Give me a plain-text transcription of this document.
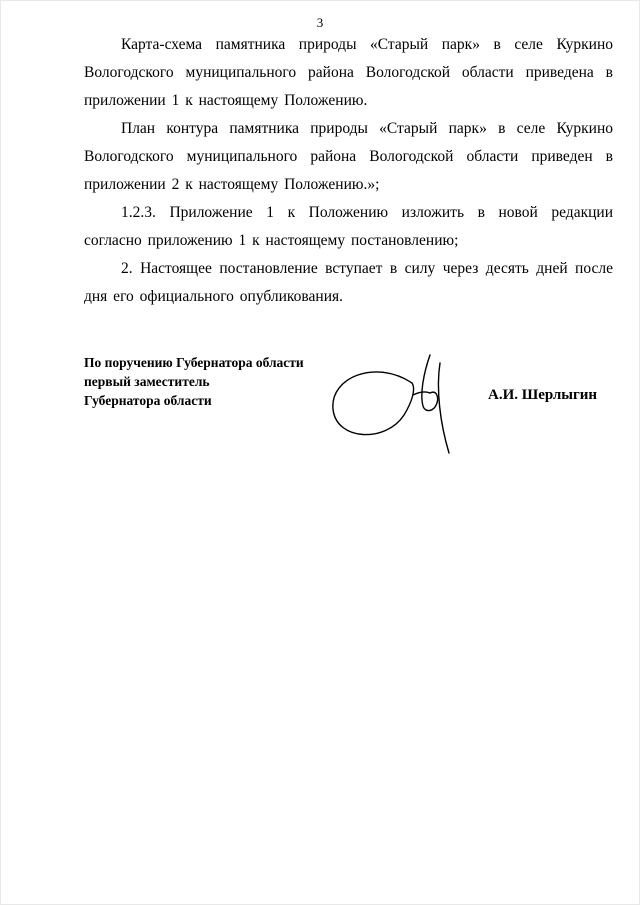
3

Карта-схема памятника природы «Старый парк» в селе Куркино Вологодского муниципального района Вологодской области приведена в приложении 1 к настоящему Положению.

План контура памятника природы «Старый парк» в селе Куркино Вологодского муниципального района Вологодской области приведен в приложении 2 к настоящему Положению.»;

1.2.3. Приложение 1 к Положению изложить в новой редакции согласно приложению 1 к настоящему постановлению;

2. Настоящее постановление вступает в силу через десять дней после дня его официального опубликования.

По поручению Губернатора области
первый заместитель
Губернатора области	А.И. Шерлыгин
